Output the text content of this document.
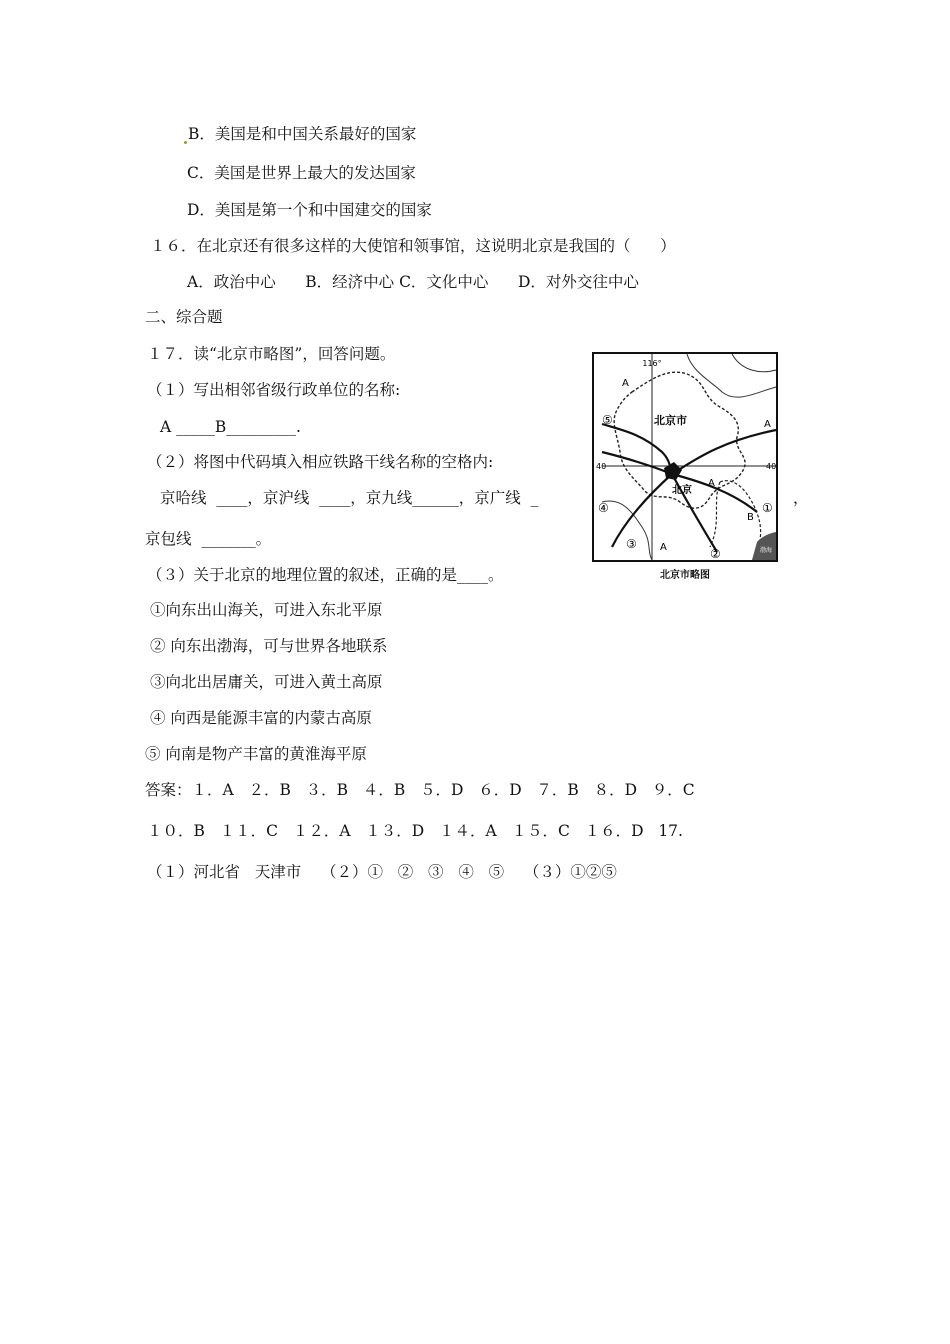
B．美国是和中国关系最好的国家
C．美国是世界上最大的发达国家
D．美国是第一个和中国建交的国家
１６．在北京还有很多这样的大使馆和领事馆，这说明北京是我国的（      ）
A．政治中心      B．经济中心 C．文化中心      D．对外交往中心
二、综合题
１７．读“北京市略图”，回答问题。
（１）写出相邻省级行政单位的名称:
A _____B_________.
（２）将图中代码填入相应铁路干线名称的空格内:
京哈线  ____，京沪线  ____，京九线______，京广线  _	，
京包线  _______。
（３）关于北京的地理位置的叙述，正确的是____。
①向东出山海关，可进入东北平原
② 向东出渤海，可与世界各地联系
③向北出居庸关，可进入黄土高原
④ 向西是能源丰富的内蒙古高原
⑤ 向南是物产丰富的黄淮海平原
答案：１．A   ２．B   ３．B   ４．B   ５．D   ６．D   ７．B   ８．D   ９．C
１０．B   １１．C   １２．A   １３．D   １４．A   １５．C   １６．D   17.
（１）河北省   天津市    （２）①   ②   ③   ④   ⑤    （３）①②⑤
116°
40	40
北京市
北京
A
A
A
B
A
⑤
④
③
②
①
渤海
北京市略图
